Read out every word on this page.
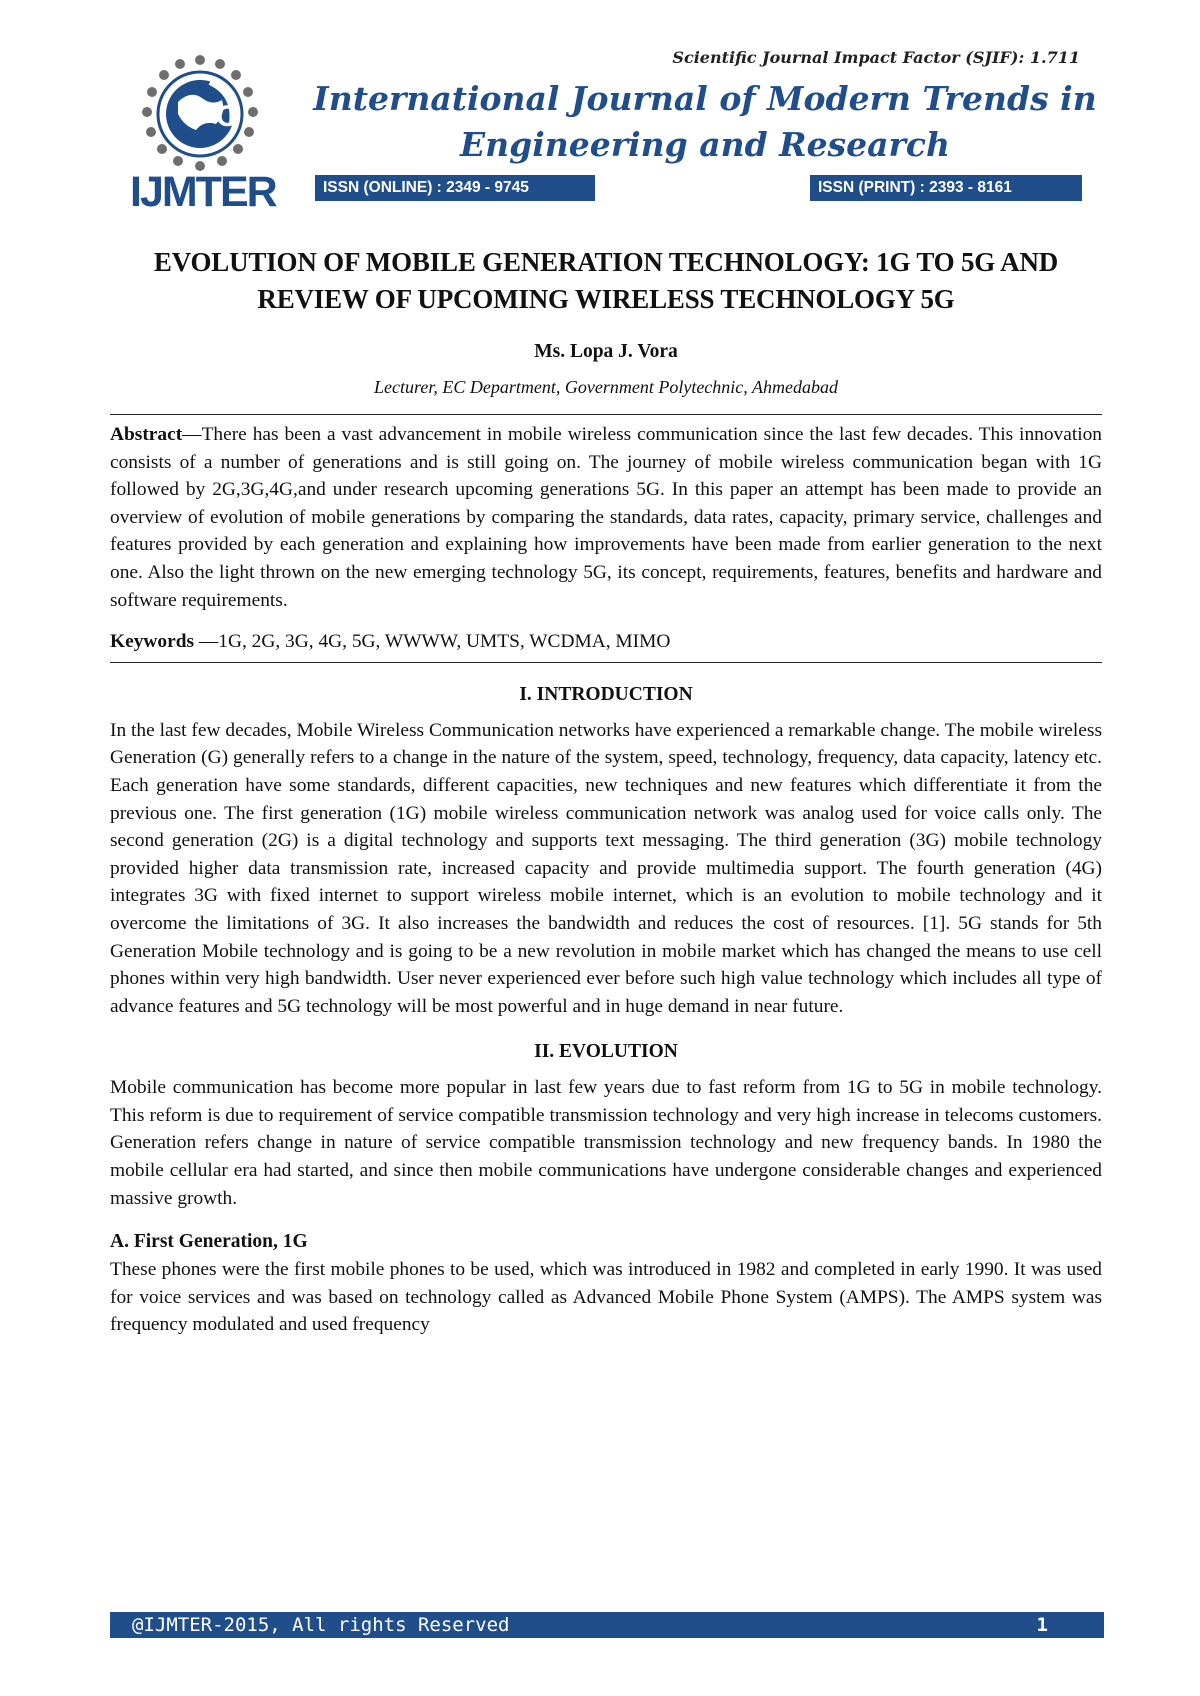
Scientific Journal Impact Factor (SJIF): 1.711
C
IJMTER
International Journal of Modern Trends in Engineering and Research
ISSN (ONLINE) : 2349 - 9745	ISSN (PRINT) : 2393 - 8161
EVOLUTION OF MOBILE GENERATION TECHNOLOGY: 1G TO 5G AND REVIEW OF UPCOMING WIRELESS TECHNOLOGY 5G
Ms. Lopa J. Vora
Lecturer, EC Department, Government Polytechnic, Ahmedabad

Abstract—There has been a vast advancement in mobile wireless communication since the last few decades. This innovation consists of a number of generations and is still going on. The journey of mobile wireless communication began with 1G followed by 2G,3G,4G,and under research upcoming generations 5G. In this paper an attempt has been made to provide an overview of evolution of mobile generations by comparing the standards, data rates, capacity, primary service, challenges and features provided by each generation and explaining how improvements have been made from earlier generation to the next one. Also the light thrown on the new emerging technology 5G, its concept, requirements, features, benefits and hardware and software requirements.

Keywords —1G, 2G, 3G, 4G, 5G, WWWW, UMTS, WCDMA, MIMO

I. INTRODUCTION

In the last few decades, Mobile Wireless Communication networks have experienced a remarkable change. The mobile wireless Generation (G) generally refers to a change in the nature of the system, speed, technology, frequency, data capacity, latency etc. Each generation have some standards, different capacities, new techniques and new features which differentiate it from the previous one. The first generation (1G) mobile wireless communication network was analog used for voice calls only. The second generation (2G) is a digital technology and supports text messaging. The third generation (3G) mobile technology provided higher data transmission rate, increased capacity and provide multimedia support. The fourth generation (4G) integrates 3G with fixed internet to support wireless mobile internet, which is an evolution to mobile technology and it overcome the limitations of 3G. It also increases the bandwidth and reduces the cost of resources. [1]. 5G stands for 5th Generation Mobile technology and is going to be a new revolution in mobile market which has changed the means to use cell phones within very high bandwidth. User never experienced ever before such high value technology which includes all type of advance features and 5G technology will be most powerful and in huge demand in near future.

II. EVOLUTION

Mobile communication has become more popular in last few years due to fast reform from 1G to 5G in mobile technology. This reform is due to requirement of service compatible transmission technology and very high increase in telecoms customers. Generation refers change in nature of service compatible transmission technology and new frequency bands. In 1980 the mobile cellular era had started, and since then mobile communications have undergone considerable changes and experienced massive growth.

A. First Generation, 1G

These phones were the first mobile phones to be used, which was introduced in 1982 and completed in early 1990. It was used for voice services and was based on technology called as Advanced Mobile Phone System (AMPS). The AMPS system was frequency modulated and used frequency

@IJMTER-2015, All rights Reserved	1
